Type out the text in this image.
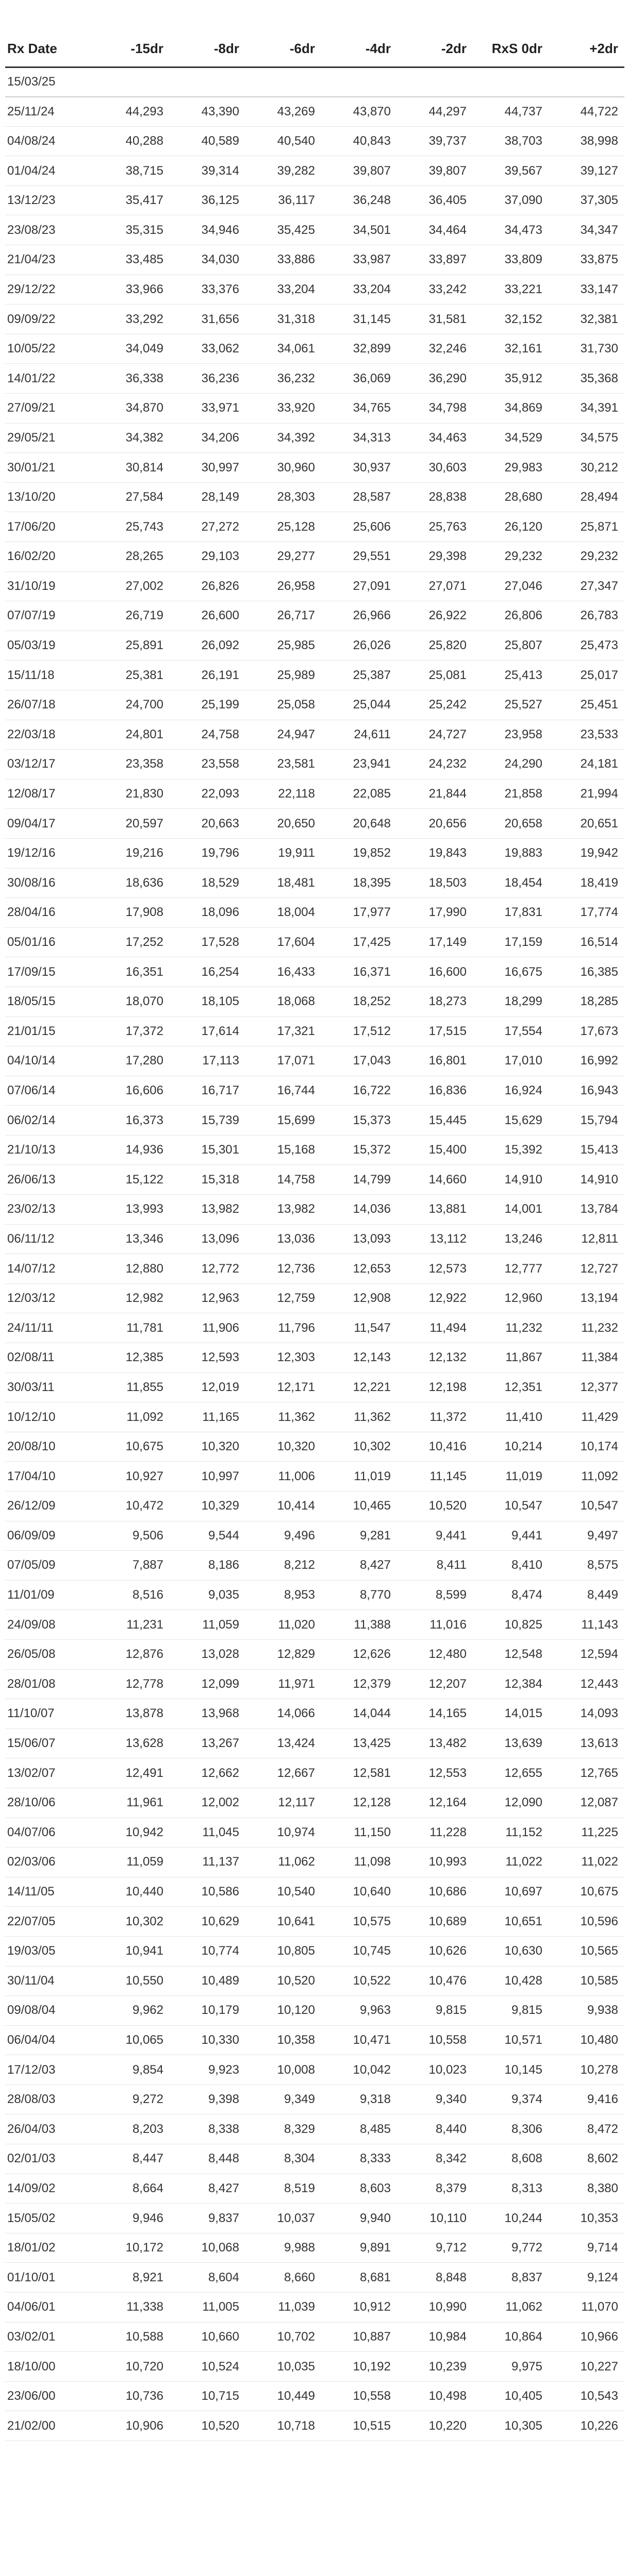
Rx Date	-15dr	-8dr	-6dr	-4dr	-2dr	RxS 0dr	+2dr
15/03/25							
25/11/24	44,293	43,390	43,269	43,870	44,297	44,737	44,722
04/08/24	40,288	40,589	40,540	40,843	39,737	38,703	38,998
01/04/24	38,715	39,314	39,282	39,807	39,807	39,567	39,127
13/12/23	35,417	36,125	36,117	36,248	36,405	37,090	37,305
23/08/23	35,315	34,946	35,425	34,501	34,464	34,473	34,347
21/04/23	33,485	34,030	33,886	33,987	33,897	33,809	33,875
29/12/22	33,966	33,376	33,204	33,204	33,242	33,221	33,147
09/09/22	33,292	31,656	31,318	31,145	31,581	32,152	32,381
10/05/22	34,049	33,062	34,061	32,899	32,246	32,161	31,730
14/01/22	36,338	36,236	36,232	36,069	36,290	35,912	35,368
27/09/21	34,870	33,971	33,920	34,765	34,798	34,869	34,391
29/05/21	34,382	34,206	34,392	34,313	34,463	34,529	34,575
30/01/21	30,814	30,997	30,960	30,937	30,603	29,983	30,212
13/10/20	27,584	28,149	28,303	28,587	28,838	28,680	28,494
17/06/20	25,743	27,272	25,128	25,606	25,763	26,120	25,871
16/02/20	28,265	29,103	29,277	29,551	29,398	29,232	29,232
31/10/19	27,002	26,826	26,958	27,091	27,071	27,046	27,347
07/07/19	26,719	26,600	26,717	26,966	26,922	26,806	26,783
05/03/19	25,891	26,092	25,985	26,026	25,820	25,807	25,473
15/11/18	25,381	26,191	25,989	25,387	25,081	25,413	25,017
26/07/18	24,700	25,199	25,058	25,044	25,242	25,527	25,451
22/03/18	24,801	24,758	24,947	24,611	24,727	23,958	23,533
03/12/17	23,358	23,558	23,581	23,941	24,232	24,290	24,181
12/08/17	21,830	22,093	22,118	22,085	21,844	21,858	21,994
09/04/17	20,597	20,663	20,650	20,648	20,656	20,658	20,651
19/12/16	19,216	19,796	19,911	19,852	19,843	19,883	19,942
30/08/16	18,636	18,529	18,481	18,395	18,503	18,454	18,419
28/04/16	17,908	18,096	18,004	17,977	17,990	17,831	17,774
05/01/16	17,252	17,528	17,604	17,425	17,149	17,159	16,514
17/09/15	16,351	16,254	16,433	16,371	16,600	16,675	16,385
18/05/15	18,070	18,105	18,068	18,252	18,273	18,299	18,285
21/01/15	17,372	17,614	17,321	17,512	17,515	17,554	17,673
04/10/14	17,280	17,113	17,071	17,043	16,801	17,010	16,992
07/06/14	16,606	16,717	16,744	16,722	16,836	16,924	16,943
06/02/14	16,373	15,739	15,699	15,373	15,445	15,629	15,794
21/10/13	14,936	15,301	15,168	15,372	15,400	15,392	15,413
26/06/13	15,122	15,318	14,758	14,799	14,660	14,910	14,910
23/02/13	13,993	13,982	13,982	14,036	13,881	14,001	13,784
06/11/12	13,346	13,096	13,036	13,093	13,112	13,246	12,811
14/07/12	12,880	12,772	12,736	12,653	12,573	12,777	12,727
12/03/12	12,982	12,963	12,759	12,908	12,922	12,960	13,194
24/11/11	11,781	11,906	11,796	11,547	11,494	11,232	11,232
02/08/11	12,385	12,593	12,303	12,143	12,132	11,867	11,384
30/03/11	11,855	12,019	12,171	12,221	12,198	12,351	12,377
10/12/10	11,092	11,165	11,362	11,362	11,372	11,410	11,429
20/08/10	10,675	10,320	10,320	10,302	10,416	10,214	10,174
17/04/10	10,927	10,997	11,006	11,019	11,145	11,019	11,092
26/12/09	10,472	10,329	10,414	10,465	10,520	10,547	10,547
06/09/09	9,506	9,544	9,496	9,281	9,441	9,441	9,497
07/05/09	7,887	8,186	8,212	8,427	8,411	8,410	8,575
11/01/09	8,516	9,035	8,953	8,770	8,599	8,474	8,449
24/09/08	11,231	11,059	11,020	11,388	11,016	10,825	11,143
26/05/08	12,876	13,028	12,829	12,626	12,480	12,548	12,594
28/01/08	12,778	12,099	11,971	12,379	12,207	12,384	12,443
11/10/07	13,878	13,968	14,066	14,044	14,165	14,015	14,093
15/06/07	13,628	13,267	13,424	13,425	13,482	13,639	13,613
13/02/07	12,491	12,662	12,667	12,581	12,553	12,655	12,765
28/10/06	11,961	12,002	12,117	12,128	12,164	12,090	12,087
04/07/06	10,942	11,045	10,974	11,150	11,228	11,152	11,225
02/03/06	11,059	11,137	11,062	11,098	10,993	11,022	11,022
14/11/05	10,440	10,586	10,540	10,640	10,686	10,697	10,675
22/07/05	10,302	10,629	10,641	10,575	10,689	10,651	10,596
19/03/05	10,941	10,774	10,805	10,745	10,626	10,630	10,565
30/11/04	10,550	10,489	10,520	10,522	10,476	10,428	10,585
09/08/04	9,962	10,179	10,120	9,963	9,815	9,815	9,938
06/04/04	10,065	10,330	10,358	10,471	10,558	10,571	10,480
17/12/03	9,854	9,923	10,008	10,042	10,023	10,145	10,278
28/08/03	9,272	9,398	9,349	9,318	9,340	9,374	9,416
26/04/03	8,203	8,338	8,329	8,485	8,440	8,306	8,472
02/01/03	8,447	8,448	8,304	8,333	8,342	8,608	8,602
14/09/02	8,664	8,427	8,519	8,603	8,379	8,313	8,380
15/05/02	9,946	9,837	10,037	9,940	10,110	10,244	10,353
18/01/02	10,172	10,068	9,988	9,891	9,712	9,772	9,714
01/10/01	8,921	8,604	8,660	8,681	8,848	8,837	9,124
04/06/01	11,338	11,005	11,039	10,912	10,990	11,062	11,070
03/02/01	10,588	10,660	10,702	10,887	10,984	10,864	10,966
18/10/00	10,720	10,524	10,035	10,192	10,239	9,975	10,227
23/06/00	10,736	10,715	10,449	10,558	10,498	10,405	10,543
21/02/00	10,906	10,520	10,718	10,515	10,220	10,305	10,226
